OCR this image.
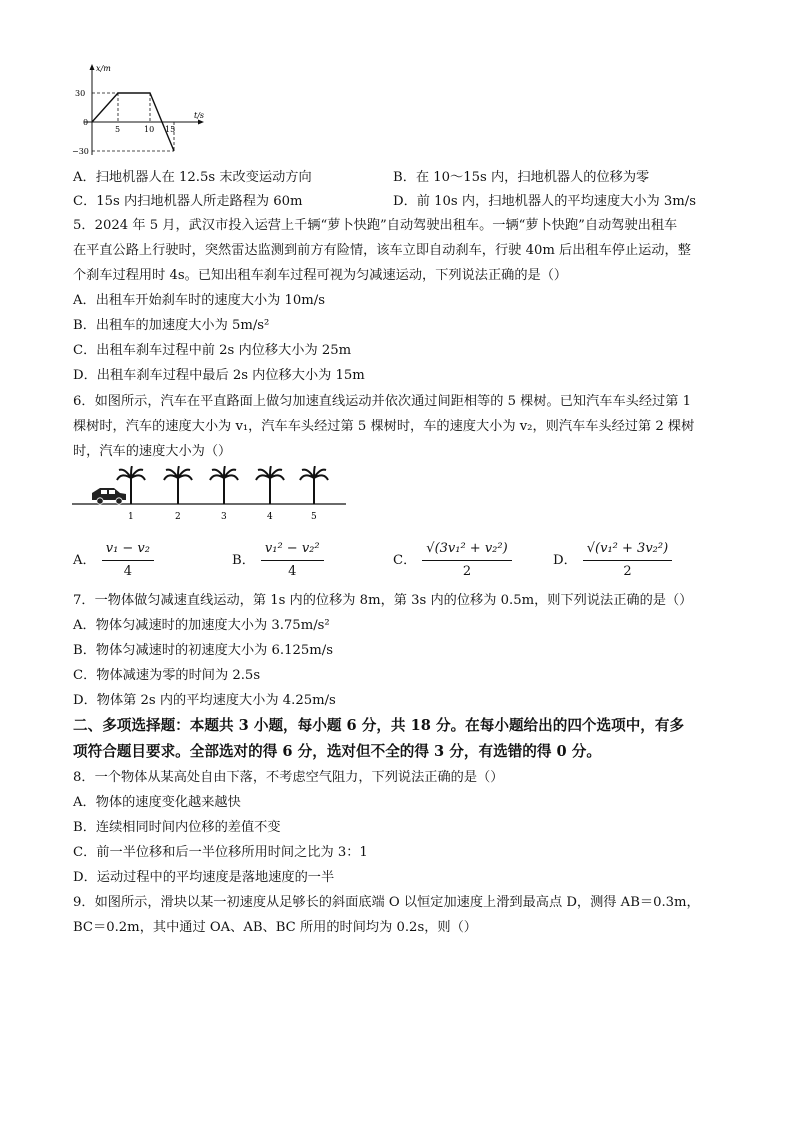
x/m
t/s
30
0
−30
5	10 15
A．扫地机器人在 12.5s 末改变运动方向	B．在 10～15s 内，扫地机器人的位移为零
C．15s 内扫地机器人所走路程为 60m	D．前 10s 内，扫地机器人的平均速度大小为 3m/s
5．2024 年 5 月，武汉市投入运营上千辆“萝卜快跑”自动驾驶出租车。一辆“萝卜快跑”自动驾驶出租车
在平直公路上行驶时，突然雷达监测到前方有险情，该车立即自动刹车，行驶 40m 后出租车停止运动，整
个刹车过程用时 4s。已知出租车刹车过程可视为匀减速运动，下列说法正确的是（）
A．出租车开始刹车时的速度大小为 10m/s
B．出租车的加速度大小为 5m/s²
C．出租车刹车过程中前 2s 内位移大小为 25m
D．出租车刹车过程中最后 2s 内位移大小为 15m
6．如图所示，汽车在平直路面上做匀加速直线运动并依次通过间距相等的 5 棵树。已知汽车车头经过第 1
棵树时，汽车的速度大小为 v₁，汽车车头经过第 5 棵树时，车的速度大小为 v₂，则汽车车头经过第 2 棵树
时，汽车的速度大小为（）
1	2	3	4	5
A． $\frac{\text{v₁ − v₂}}{4}$	B． $\frac{\text{v₁² − v₂²}}{4}$	C． $\frac{\text{√(3v₁² + v₂²)}}{2}$	D． $\frac{\text{√(v₁² + 3v₂²)}}{2}$
7．一物体做匀减速直线运动，第 1s 内的位移为 8m，第 3s 内的位移为 0.5m，则下列说法正确的是（）
A．物体匀减速时的加速度大小为 3.75m/s²
B．物体匀减速时的初速度大小为 6.125m/s
C．物体减速为零的时间为 2.5s
D．物体第 2s 内的平均速度大小为 4.25m/s
二、多项选择题：本题共 3 小题，每小题 6 分，共 18 分。在每小题给出的四个选项中，有多
项符合题目要求。全部选对的得 6 分，选对但不全的得 3 分，有选错的得 0 分。
8．一个物体从某高处自由下落，不考虑空气阻力，下列说法正确的是（）
A．物体的速度变化越来越快
B．连续相同时间内位移的差值不变
C．前一半位移和后一半位移所用时间之比为 3：1
D．运动过程中的平均速度是落地速度的一半
9．如图所示，滑块以某一初速度从足够长的斜面底端 O 以恒定加速度上滑到最高点 D，测得 AB＝0.3m，
BC＝0.2m，其中通过 OA、AB、BC 所用的时间均为 0.2s，则（）
